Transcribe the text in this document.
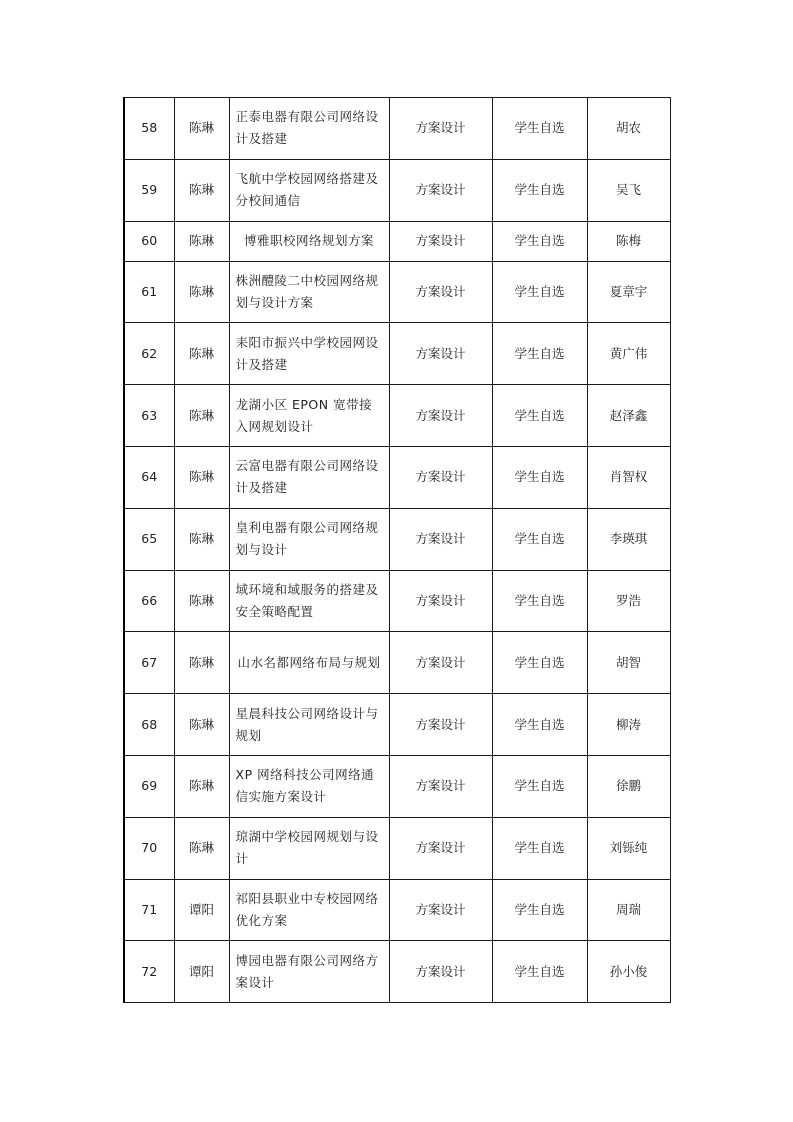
58	陈琳	正泰电器有限公司网络设计及搭建	方案设计	学生自选	胡农
59	陈琳	飞航中学校园网络搭建及分校间通信	方案设计	学生自选	吴飞
60	陈琳	博雅职校网络规划方案	方案设计	学生自选	陈梅
61	陈琳	株洲醴陵二中校园网络规划与设计方案	方案设计	学生自选	夏章宇
62	陈琳	耒阳市振兴中学校园网设计及搭建	方案设计	学生自选	黄广伟
63	陈琳	龙湖小区 EPON 宽带接入网规划设计	方案设计	学生自选	赵泽鑫
64	陈琳	云富电器有限公司网络设计及搭建	方案设计	学生自选	肖智权
65	陈琳	皇利电器有限公司网络规划与设计	方案设计	学生自选	李瑛琪
66	陈琳	域环境和域服务的搭建及安全策略配置	方案设计	学生自选	罗浩
67	陈琳	山水名都网络布局与规划	方案设计	学生自选	胡智
68	陈琳	星晨科技公司网络设计与规划	方案设计	学生自选	柳涛
69	陈琳	XP 网络科技公司网络通信实施方案设计	方案设计	学生自选	徐鹏
70	陈琳	琼湖中学校园网规划与设计	方案设计	学生自选	刘铄纯
71	谭阳	祁阳县职业中专校园网络优化方案	方案设计	学生自选	周瑞
72	谭阳	博园电器有限公司网络方案设计	方案设计	学生自选	孙小俊
